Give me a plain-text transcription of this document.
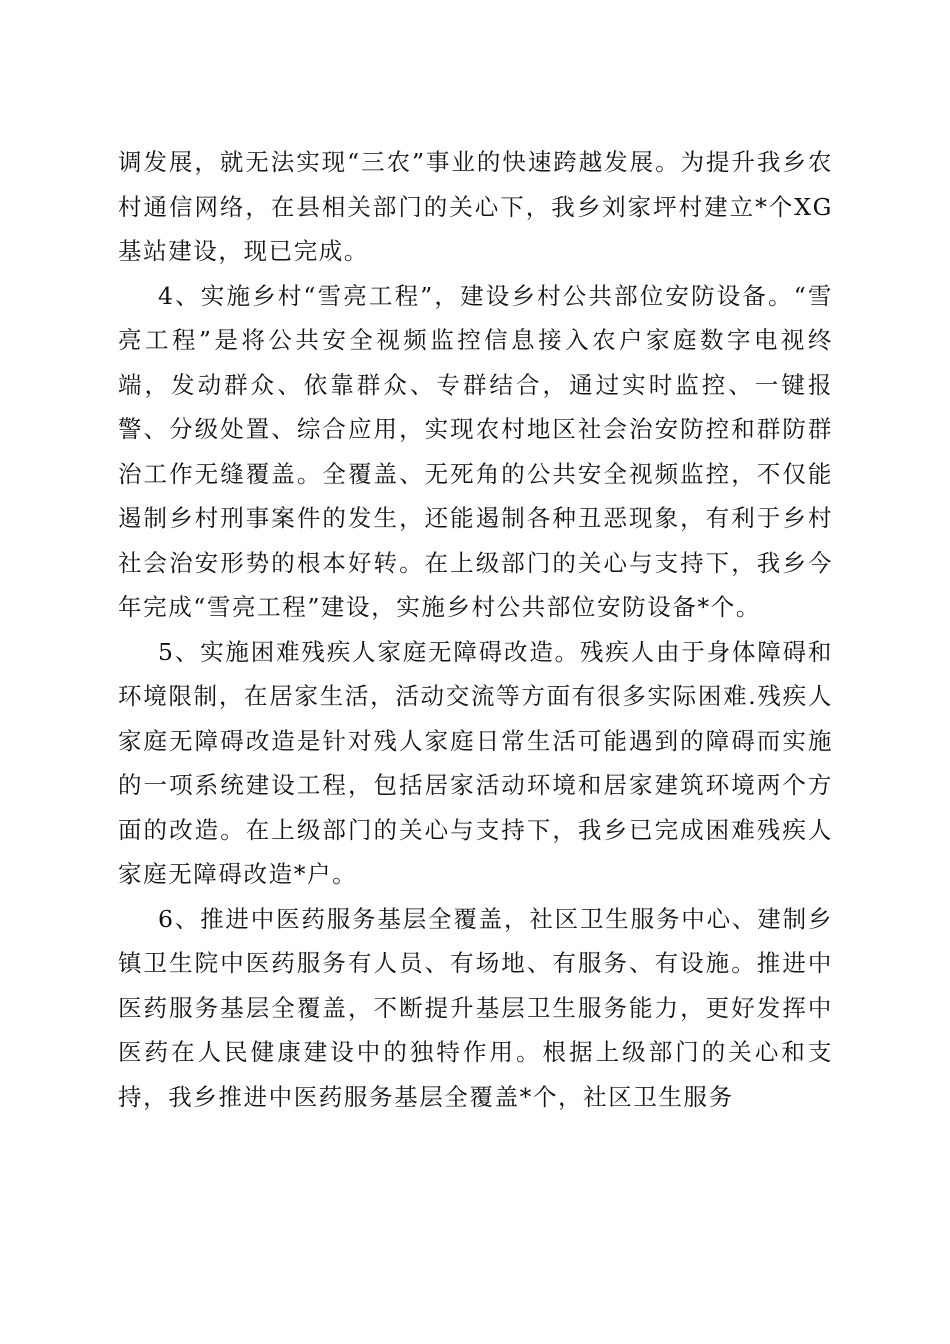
调发展，就无法实现“三农”事业的快速跨越发展。为提升我乡农村通信网络，在县相关部门的关心下，我乡刘家坪村建立*个XG基站建设，现已完成。

4、实施乡村“雪亮工程”，建设乡村公共部位安防设备。“雪亮工程”是将公共安全视频监控信息接入农户家庭数字电视终端，发动群众、依靠群众、专群结合，通过实时监控、一键报警、分级处置、综合应用，实现农村地区社会治安防控和群防群治工作无缝覆盖。全覆盖、无死角的公共安全视频监控，不仅能遏制乡村刑事案件的发生，还能遏制各种丑恶现象，有利于乡村社会治安形势的根本好转。在上级部门的关心与支持下，我乡今年完成“雪亮工程”建设，实施乡村公共部位安防设备*个。

5、实施困难残疾人家庭无障碍改造。残疾人由于身体障碍和环境限制，在居家生活，活动交流等方面有很多实际困难.残疾人家庭无障碍改造是针对残人家庭日常生活可能遇到的障碍而实施的一项系统建设工程，包括居家活动环境和居家建筑环境两个方面的改造。在上级部门的关心与支持下，我乡已完成困难残疾人家庭无障碍改造*户。

6、推进中医药服务基层全覆盖，社区卫生服务中心、建制乡镇卫生院中医药服务有人员、有场地、有服务、有设施。推进中医药服务基层全覆盖，不断提升基层卫生服务能力，更好发挥中医药在人民健康建设中的独特作用。根据上级部门的关心和支持，我乡推进中医药服务基层全覆盖*个，社区卫生服务
